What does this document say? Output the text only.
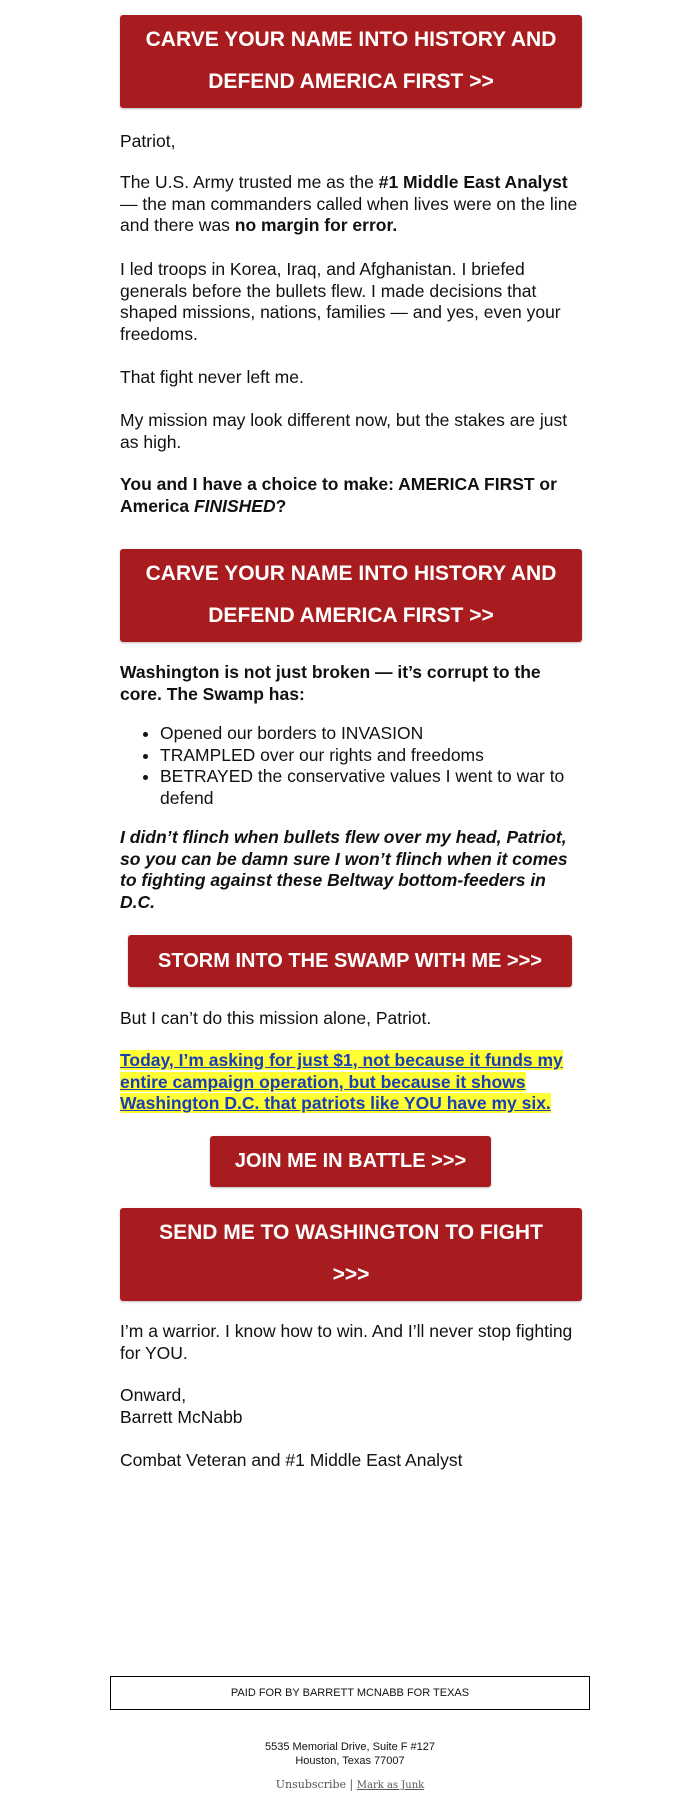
CARVE YOUR NAME INTO HISTORY AND
DEFEND AMERICA FIRST >>

Patriot,

The U.S. Army trusted me as the #1 Middle East Analyst — the man commanders called when lives were on the line and there was no margin for error.

I led troops in Korea, Iraq, and Afghanistan. I briefed generals before the bullets flew. I made decisions that shaped missions, nations, families — and yes, even your freedoms.

That fight never left me.

My mission may look different now, but the stakes are just as high.

You and I have a choice to make: AMERICA FIRST or America FINISHED?

CARVE YOUR NAME INTO HISTORY AND
DEFEND AMERICA FIRST >>

Washington is not just broken — it’s corrupt to the core. The Swamp has:

• Opened our borders to INVASION
• TRAMPLED over our rights and freedoms
• BETRAYED the conservative values I went to war to defend

I didn’t flinch when bullets flew over my head, Patriot, so you can be damn sure I won’t flinch when it comes to fighting against these Beltway bottom-feeders in D.C.

STORM INTO THE SWAMP WITH ME >>>

But I can’t do this mission alone, Patriot.

Today, I’m asking for just $1, not because it funds my entire campaign operation, but because it shows Washington D.C. that patriots like YOU have my six.

JOIN ME IN BATTLE >>>
SEND ME TO WASHINGTON TO FIGHT
>>>

I’m a warrior. I know how to win. And I’ll never stop fighting for YOU.

Onward,

Barrett McNabb

Combat Veteran and #1 Middle East Analyst

PAID FOR BY BARRETT MCNABB FOR TEXAS
5535 Memorial Drive, Suite F #127
Houston, Texas 77007
Unsubscribe | Mark as Junk
